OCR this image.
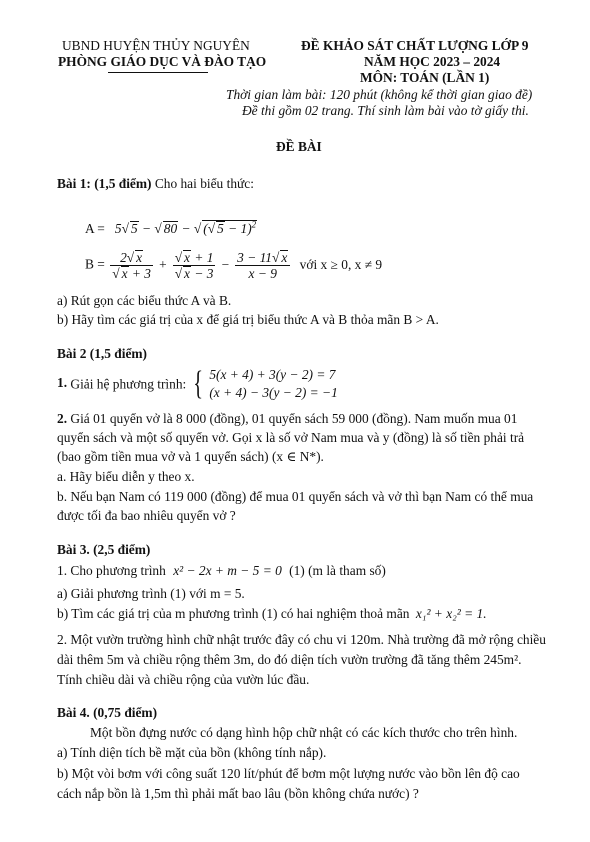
UBND HUYỆN THỦY NGUYÊN
PHÒNG GIÁO DỤC VÀ ĐÀO TẠO
ĐỀ KHẢO SÁT CHẤT LƯỢNG LỚP 9
NĂM HỌC 2023 – 2024
MÔN: TOÁN (LẦN 1)
Thời gian làm bài: 120 phút (không kể thời gian giao đề)
Đề thi gồm 02 trang. Thí sinh làm bài vào tờ giấy thi.
ĐỀ BÀI
Bài 1: (1,5 điểm) Cho hai biểu thức:
A =   5√ 5 − √ 80 − √ (√ 5 − 1)$^2$
$B = \frac{2√ x}{√ x + 3} + \frac{√ x + 1}{√ x - 3} - \frac{3 - 11√ x}{x - 9}$ với x ≥ 0, x ≠ 9
a) Rút gọn các biểu thức A và B.
b) Hãy tìm các giá trị của x để giá trị biểu thức A và B thỏa mãn B > A.
Bài 2 (1,5 điểm)
1. Giải hệ phương trình: { 5(x + 4) + 3(y − 2) = 7
(x + 4) − 3(y − 2) = −1
2. Giá 01 quyển vở là 8 000 (đồng), 01 quyển sách 59 000 (đồng). Nam muốn mua 01
quyển sách và một số quyển vở. Gọi x là số vở Nam mua và y (đồng) là số tiền phải trả
(bao gồm tiền mua vở và 1 quyển sách) (x ∈ N*).
a. Hãy biểu diễn y theo x.
b. Nếu bạn Nam có 119 000 (đồng) để mua 01 quyển sách và vở thì bạn Nam có thể mua
được tối đa bao nhiêu quyển vở ?
Bài 3. (2,5 điểm)
1. Cho phương trình x² − 2x + m − 5 = 0 (1) (m là tham số)
a) Giải phương trình (1) với m = 5.
b) Tìm các giá trị của m phương trình (1) có hai nghiệm thoả mãn x₁² + x₂² = 1.
2. Một vườn trường hình chữ nhật trước đây có chu vi 120m. Nhà trường đã mở rộng chiều
dài thêm 5m và chiều rộng thêm 3m, do đó diện tích vườn trường đã tăng thêm 245m².
Tính chiều dài và chiều rộng của vườn lúc đầu.
Bài 4. (0,75 điểm)
Một bồn đựng nước có dạng hình hộp chữ nhật có các kích thước cho trên hình.
a) Tính diện tích bề mặt của bồn (không tính nắp).
b) Một vòi bơm với công suất 120 lít/phút để bơm một lượng nước vào bồn lên độ cao
cách nắp bồn là 1,5m thì phải mất bao lâu (bồn không chứa nước) ?
